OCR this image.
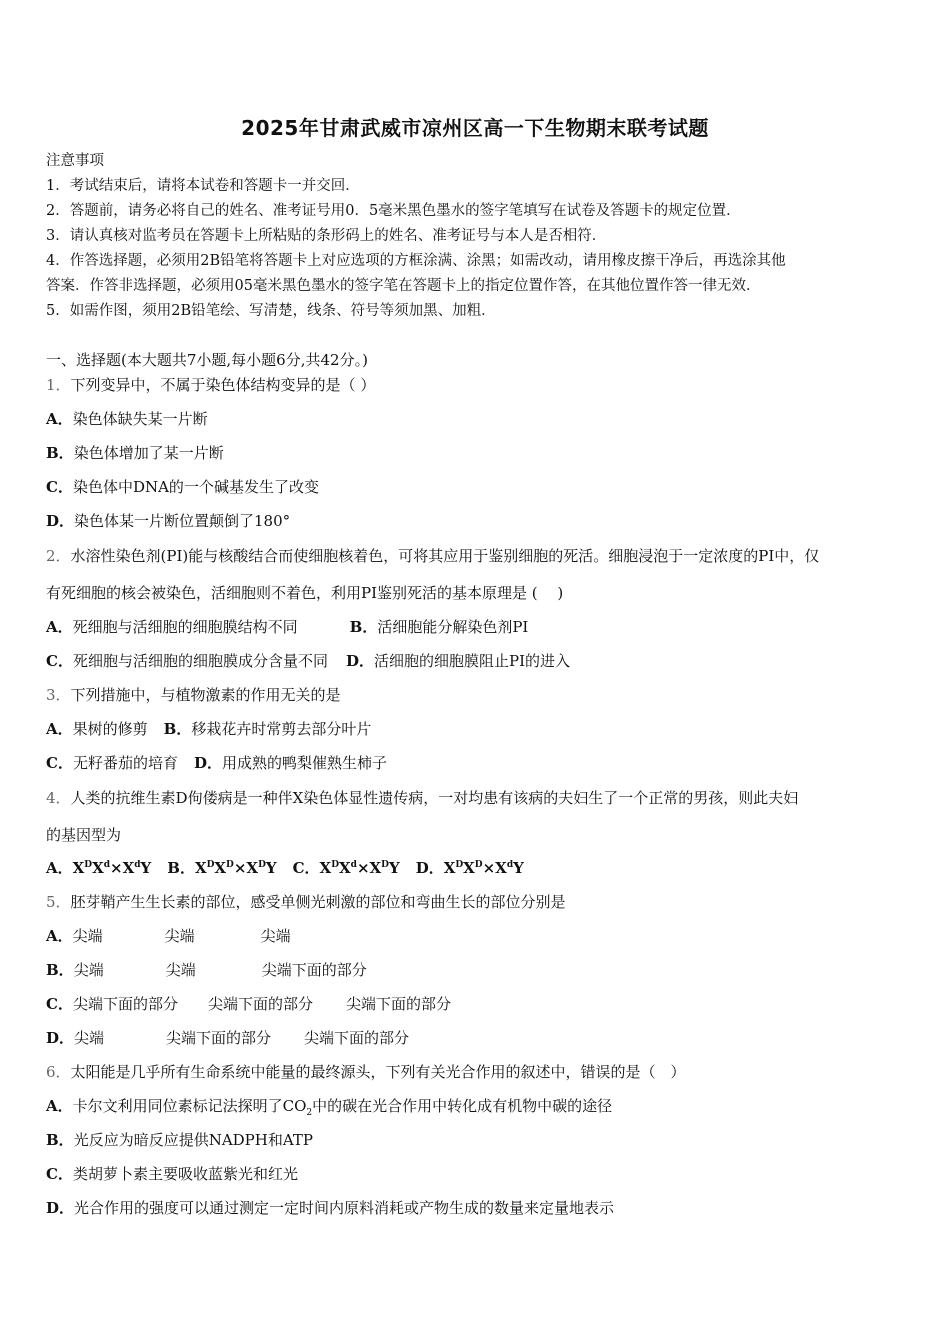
2025年甘肃武威市凉州区高一下生物期末联考试题
注意事项
1．考试结束后，请将本试卷和答题卡一并交回．
2．答题前，请务必将自己的姓名、准考证号用0．5毫米黑色墨水的签字笔填写在试卷及答题卡的规定位置．
3．请认真核对监考员在答题卡上所粘贴的条形码上的姓名、准考证号与本人是否相符．
4．作答选择题，必须用2B铅笔将答题卡上对应选项的方框涂满、涂黑；如需改动，请用橡皮擦干净后，再选涂其他
答案．作答非选择题，必须用05毫米黑色墨水的签字笔在答题卡上的指定位置作答，在其他位置作答一律无效．
5．如需作图，须用2B铅笔绘、写清楚，线条、符号等须加黑、加粗．
一、选择题(本大题共7小题,每小题6分,共42分。)
1．下列变异中，不属于染色体结构变异的是（ ）
A．染色体缺失某一片断
B．染色体增加了某一片断
C．染色体中DNA的一个碱基发生了改变
D．染色体某一片断位置颠倒了180°
2．水溶性染色剂(PI)能与核酸结合而使细胞核着色，可将其应用于鉴别细胞的死活。细胞浸泡于一定浓度的PI中，仅
有死细胞的核会被染色，活细胞则不着色，利用PI鉴别死活的基本原理是 (　 )
A．死细胞与活细胞的细胞膜结构不同	B．活细胞能分解染色剂PI
C．死细胞与活细胞的细胞膜成分含量不同 D．活细胞的细胞膜阻止PI的进入
3．下列措施中，与植物激素的作用无关的是
A．果树的修剪 B．移栽花卉时常剪去部分叶片
C．无籽番茄的培育 D．用成熟的鸭梨催熟生柿子
4．人类的抗维生素D佝偻病是一种伴X染色体显性遗传病，一对均患有该病的夫妇生了一个正常的男孩，则此夫妇
的基因型为
A．$X^DX^d\times X^dY$ B．$X^DX^D\times X^DY$ C．$X^DX^d\times X^DY$ D．$X^DX^D\times X^dY$
5．胚芽鞘产生生长素的部位，感受单侧光刺激的部位和弯曲生长的部位分别是
A．尖端	尖端	尖端
B．尖端	尖端	尖端下面的部分
C．尖端下面的部分 尖端下面的部分 尖端下面的部分
D．尖端	尖端下面的部分 尖端下面的部分
6．太阳能是几乎所有生命系统中能量的最终源头，下列有关光合作用的叙述中，错误的是（　）
A．卡尔文利用同位素标记法探明了$CO_2$中的碳在光合作用中转化成有机物中碳的途径
B．光反应为暗反应提供NADPH和ATP
C．类胡萝卜素主要吸收蓝紫光和红光
D．光合作用的强度可以通过测定一定时间内原料消耗或产物生成的数量来定量地表示
